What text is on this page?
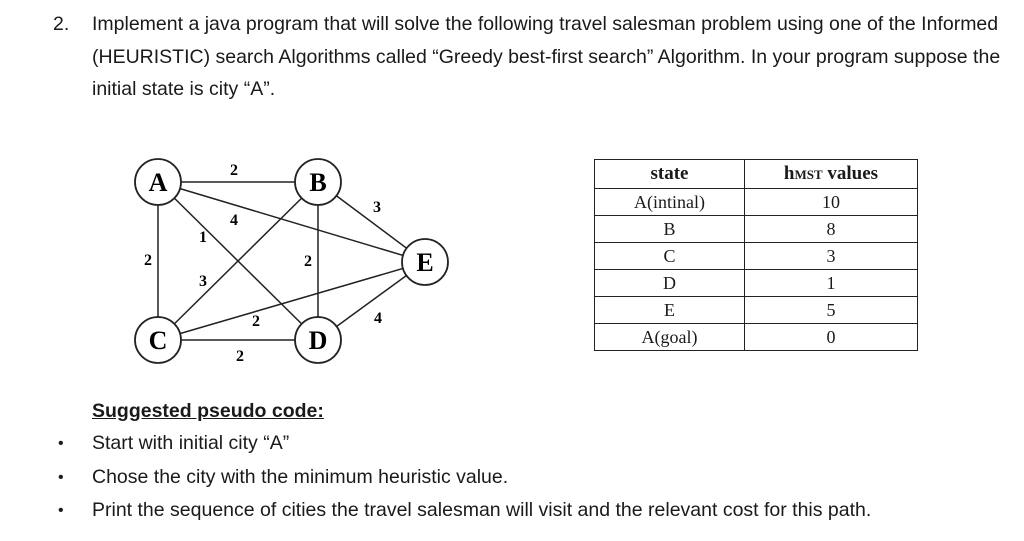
2. Implement a java program that will solve the following travel salesman problem using one of the Informed (HEURISTIC) search Algorithms called “Greedy best-first search” Algorithm. In your program suppose the initial state is city “A”.
2
2
1
4
3
2
3
2
2
4
A	B
C	D
E
state	hMST values
A(intinal)	10
B	8
C	3
D	1
E	5
A(goal)	0
Suggested pseudo code:
• Start with initial city “A”
• Chose the city with the minimum heuristic value.
• Print the sequence of cities the travel salesman will visit and the relevant cost for this path.
